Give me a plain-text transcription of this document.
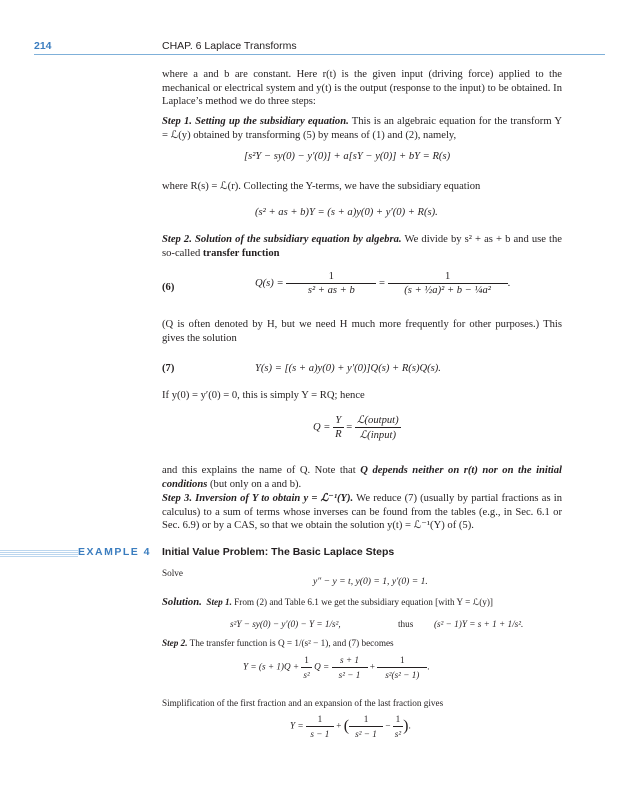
214	CHAP. 6 Laplace Transforms
where a and b are constant. Here r(t) is the given input (driving force) applied to the mechanical or electrical system and y(t) is the output (response to the input) to be obtained. In Laplace’s method we do three steps:
Step 1. Setting up the subsidiary equation. This is an algebraic equation for the transform Y = ℒ(y) obtained by transforming (5) by means of (1) and (2), namely,
[s²Y − sy(0) − y′(0)] + a[sY − y(0)] + bY = R(s)
where R(s) = ℒ(r). Collecting the Y-terms, we have the subsidiary equation
(s² + as + b)Y = (s + a)y(0) + y′(0) + R(s).
Step 2. Solution of the subsidiary equation by algebra. We divide by s² + as + b and use the so-called transfer function
(6)	$Q(s) = \frac{1}{\text{s² + as + b}} = \frac{1}{\text{(s + ½a)² + b − ¼a²}}$ .
(Q is often denoted by H, but we need H much more frequently for other purposes.) This gives the solution
(7)	Y(s) = [(s + a)y(0) + y′(0)]Q(s) + R(s)Q(s).
If y(0) = y′(0) = 0, this is simply Y = RQ; hence
$Q = \frac{Y}{R} = \frac{\text{ℒ(output)}}{\text{ℒ(input)}}$
and this explains the name of Q. Note that Q depends neither on r(t) nor on the initial conditions (but only on a and b).
Step 3. Inversion of Y to obtain y = ℒ⁻¹(Y). We reduce (7) (usually by partial fractions as in calculus) to a sum of terms whose inverses can be found from the tables (e.g., in Sec. 6.1 or Sec. 6.9) or by a CAS, so that we obtain the solution y(t) = ℒ⁻¹(Y) of (5).
EXAMPLE 4 Initial Value Problem: The Basic Laplace Steps
Solve
y″ − y = t, y(0) = 1, y′(0) = 1.
Solution. Step 1. From (2) and Table 6.1 we get the subsidiary equation [with Y = ℒ(y)]
s²Y − sy(0) − y′(0) − Y = 1/s²,	thus (s² − 1)Y = s + 1 + 1/s².
Step 2. The transfer function is Q = 1/(s² − 1), and (7) becomes
$Y = (s + 1)Q + \frac{1}{\text{s²}}$ $Q = \frac{s + 1}{\text{s² − 1}} + \frac{1}{\text{s²(s² − 1)}}$ .
Simplification of the first fraction and an expansion of the last fraction gives
$Y = \frac{1}{s - 1}$ + ( $\frac{1}{\text{s² − 1}} - \frac{1}{\text{s²}}$ ).
